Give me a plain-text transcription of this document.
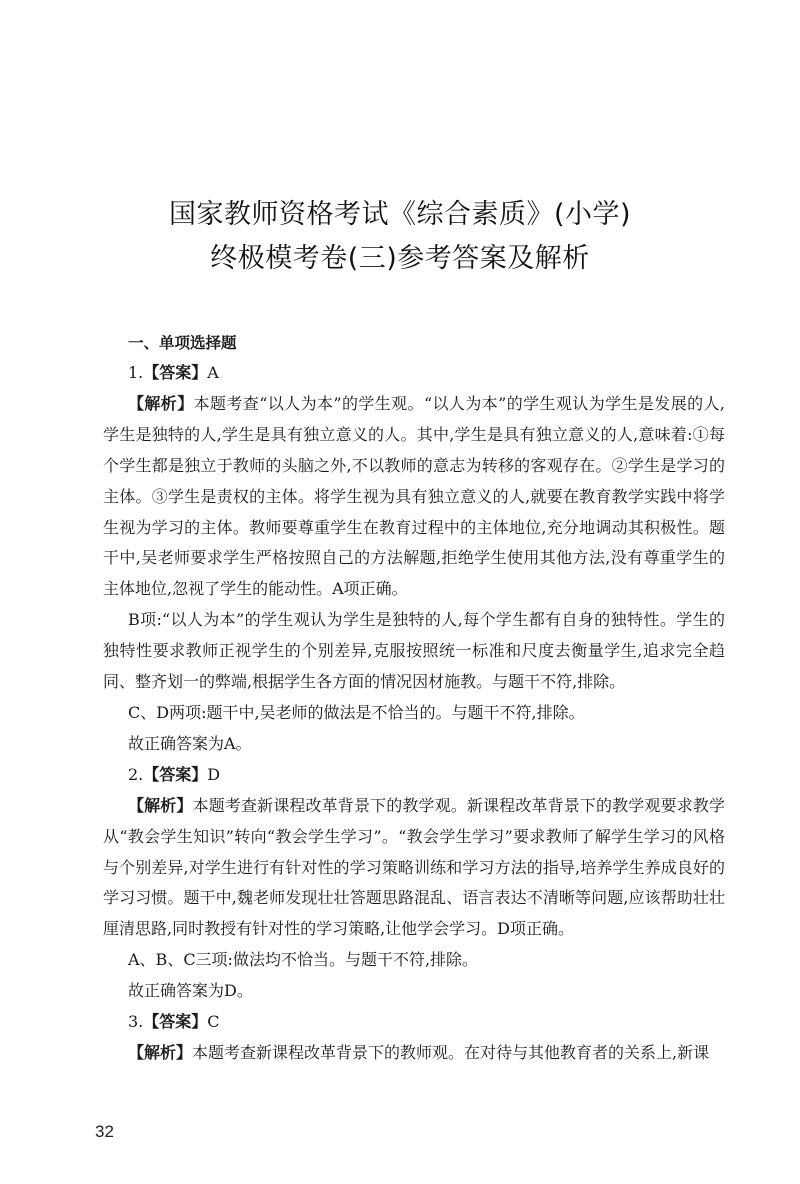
国家教师资格考试《综合素质》(小学)
终极模考卷(三)参考答案及解析
一、单项选择题

1.【答案】A

【解析】本题考查“以人为本”的学生观。“以人为本”的学生观认为学生是发展的人,学生是独特的人,学生是具有独立意义的人。其中,学生是具有独立意义的人,意味着:①每个学生都是独立于教师的头脑之外,不以教师的意志为转移的客观存在。②学生是学习的主体。③学生是责权的主体。将学生视为具有独立意义的人,就要在教育教学实践中将学生视为学习的主体。教师要尊重学生在教育过程中的主体地位,充分地调动其积极性。题干中,吴老师要求学生严格按照自己的方法解题,拒绝学生使用其他方法,没有尊重学生的主体地位,忽视了学生的能动性。A项正确。

B项:“以人为本”的学生观认为学生是独特的人,每个学生都有自身的独特性。学生的独特性要求教师正视学生的个别差异,克服按照统一标准和尺度去衡量学生,追求完全趋同、整齐划一的弊端,根据学生各方面的情况因材施教。与题干不符,排除。

C、D两项:题干中,吴老师的做法是不恰当的。与题干不符,排除。

故正确答案为A。

2.【答案】D

【解析】本题考查新课程改革背景下的教学观。新课程改革背景下的教学观要求教学从“教会学生知识”转向“教会学生学习”。“教会学生学习”要求教师了解学生学习的风格与个别差异,对学生进行有针对性的学习策略训练和学习方法的指导,培养学生养成良好的学习习惯。题干中,魏老师发现壮壮答题思路混乱、语言表达不清晰等问题,应该帮助壮壮厘清思路,同时教授有针对性的学习策略,让他学会学习。D项正确。

A、B、C三项:做法均不恰当。与题干不符,排除。

故正确答案为D。

3.【答案】C

【解析】本题考查新课程改革背景下的教师观。在对待与其他教育者的关系上,新课

32
